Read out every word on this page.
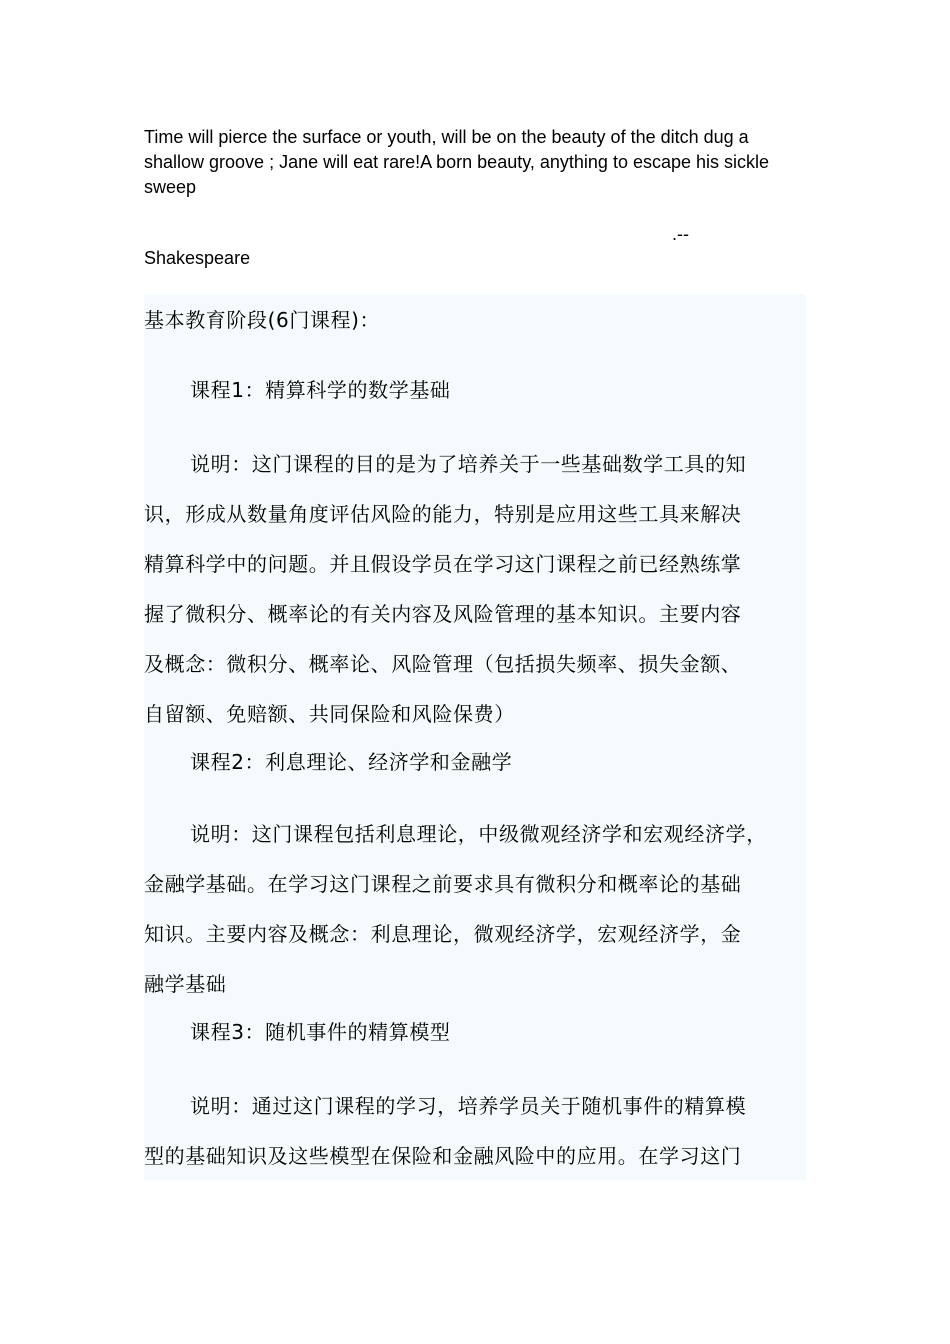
Time will pierce the surface or youth, will be on the beauty of the ditch dug a shallow groove ; Jane will eat rare!A born beauty, anything to escape his sickle sweep

.--
Shakespeare
基本教育阶段(6门课程)：
课程1：精算科学的数学基础
说明：这门课程的目的是为了培养关于一些基础数学工具的知
识，形成从数量角度评估风险的能力，特别是应用这些工具来解决
精算科学中的问题。并且假设学员在学习这门课程之前已经熟练掌
握了微积分、概率论的有关内容及风险管理的基本知识。主要内容
及概念：微积分、概率论、风险管理（包括损失频率、损失金额、
自留额、免赔额、共同保险和风险保费）
课程2：利息理论、经济学和金融学
说明：这门课程包括利息理论，中级微观经济学和宏观经济学，
金融学基础。在学习这门课程之前要求具有微积分和概率论的基础
知识。主要内容及概念：利息理论，微观经济学，宏观经济学，金
融学基础
课程3：随机事件的精算模型
说明：通过这门课程的学习，培养学员关于随机事件的精算模
型的基础知识及这些模型在保险和金融风险中的应用。在学习这门
